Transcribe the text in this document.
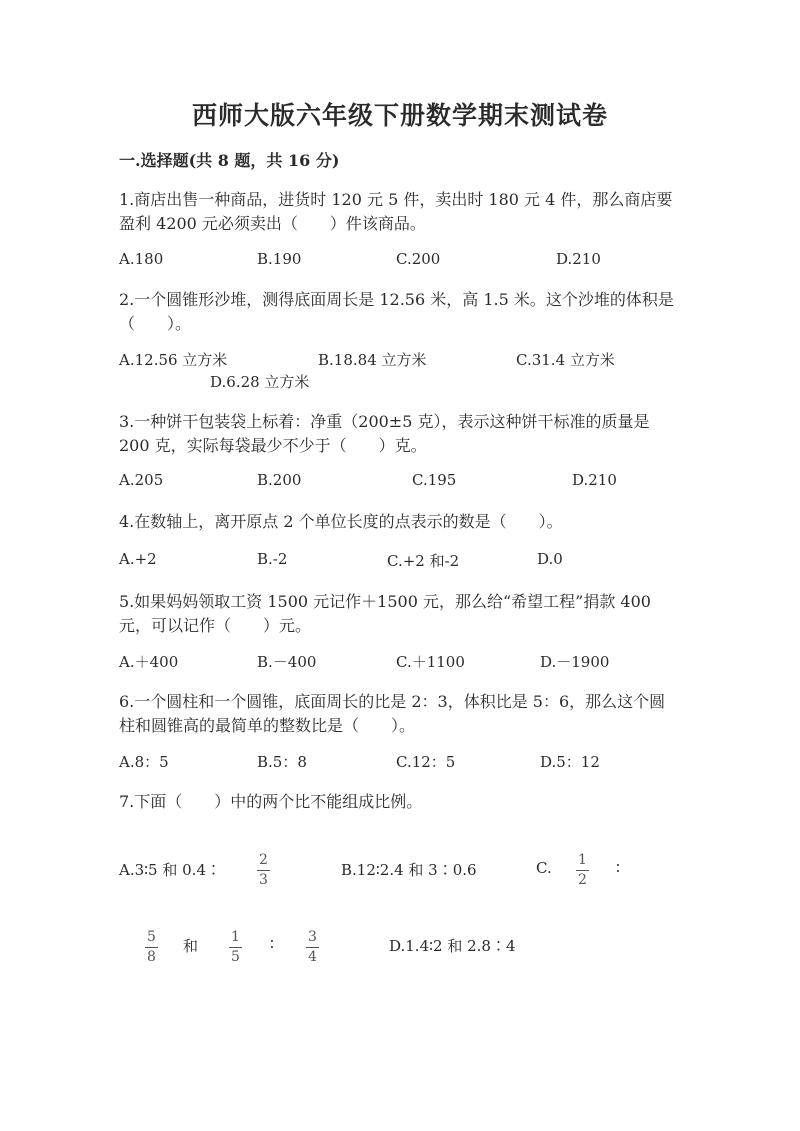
西师大版六年级下册数学期末测试卷
一.选择题(共 8 题，共 16 分)
1.商店出售一种商品，进货时 120 元 5 件，卖出时 180 元 4 件，那么商店要盈利 4200 元必须卖出（　　）件该商品。
A.180	B.190	C.200	D.210
2.一个圆锥形沙堆，测得底面周长是 12.56 米，高 1.5 米。这个沙堆的体积是（　　）。
A.12.56 立方米	B.18.84 立方米	C.31.4 立方米
D.6.28 立方米
3.一种饼干包装袋上标着：净重（200±5 克），表示这种饼干标准的质量是 200 克，实际每袋最少不少于（　　）克。
A.205	B.200	C.195	D.210
4.在数轴上，离开原点 2 个单位长度的点表示的数是（　　）。
A.+2	B.-2	C.+2 和-2	D.0
5.如果妈妈领取工资 1500 元记作＋1500 元，那么给“希望工程”捐款 400 元，可以记作（　　）元。
A.＋400	B.－400	C.＋1100	D.－1900
6.一个圆柱和一个圆锥，底面周长的比是 2：3，体积比是 5：6，那么这个圆柱和圆锥高的最简单的整数比是（　　）。
A.8：5	B.5：8	C.12：5	D.5：12
7.下面（　　）中的两个比不能组成比例。
A.3∶5 和 0.4∶
2
3
B.12∶2.4 和 3∶0.6	C. 1
2
∶
5
8
和 1
5
∶ 3
4
D.1.4∶2 和 2.8∶4
